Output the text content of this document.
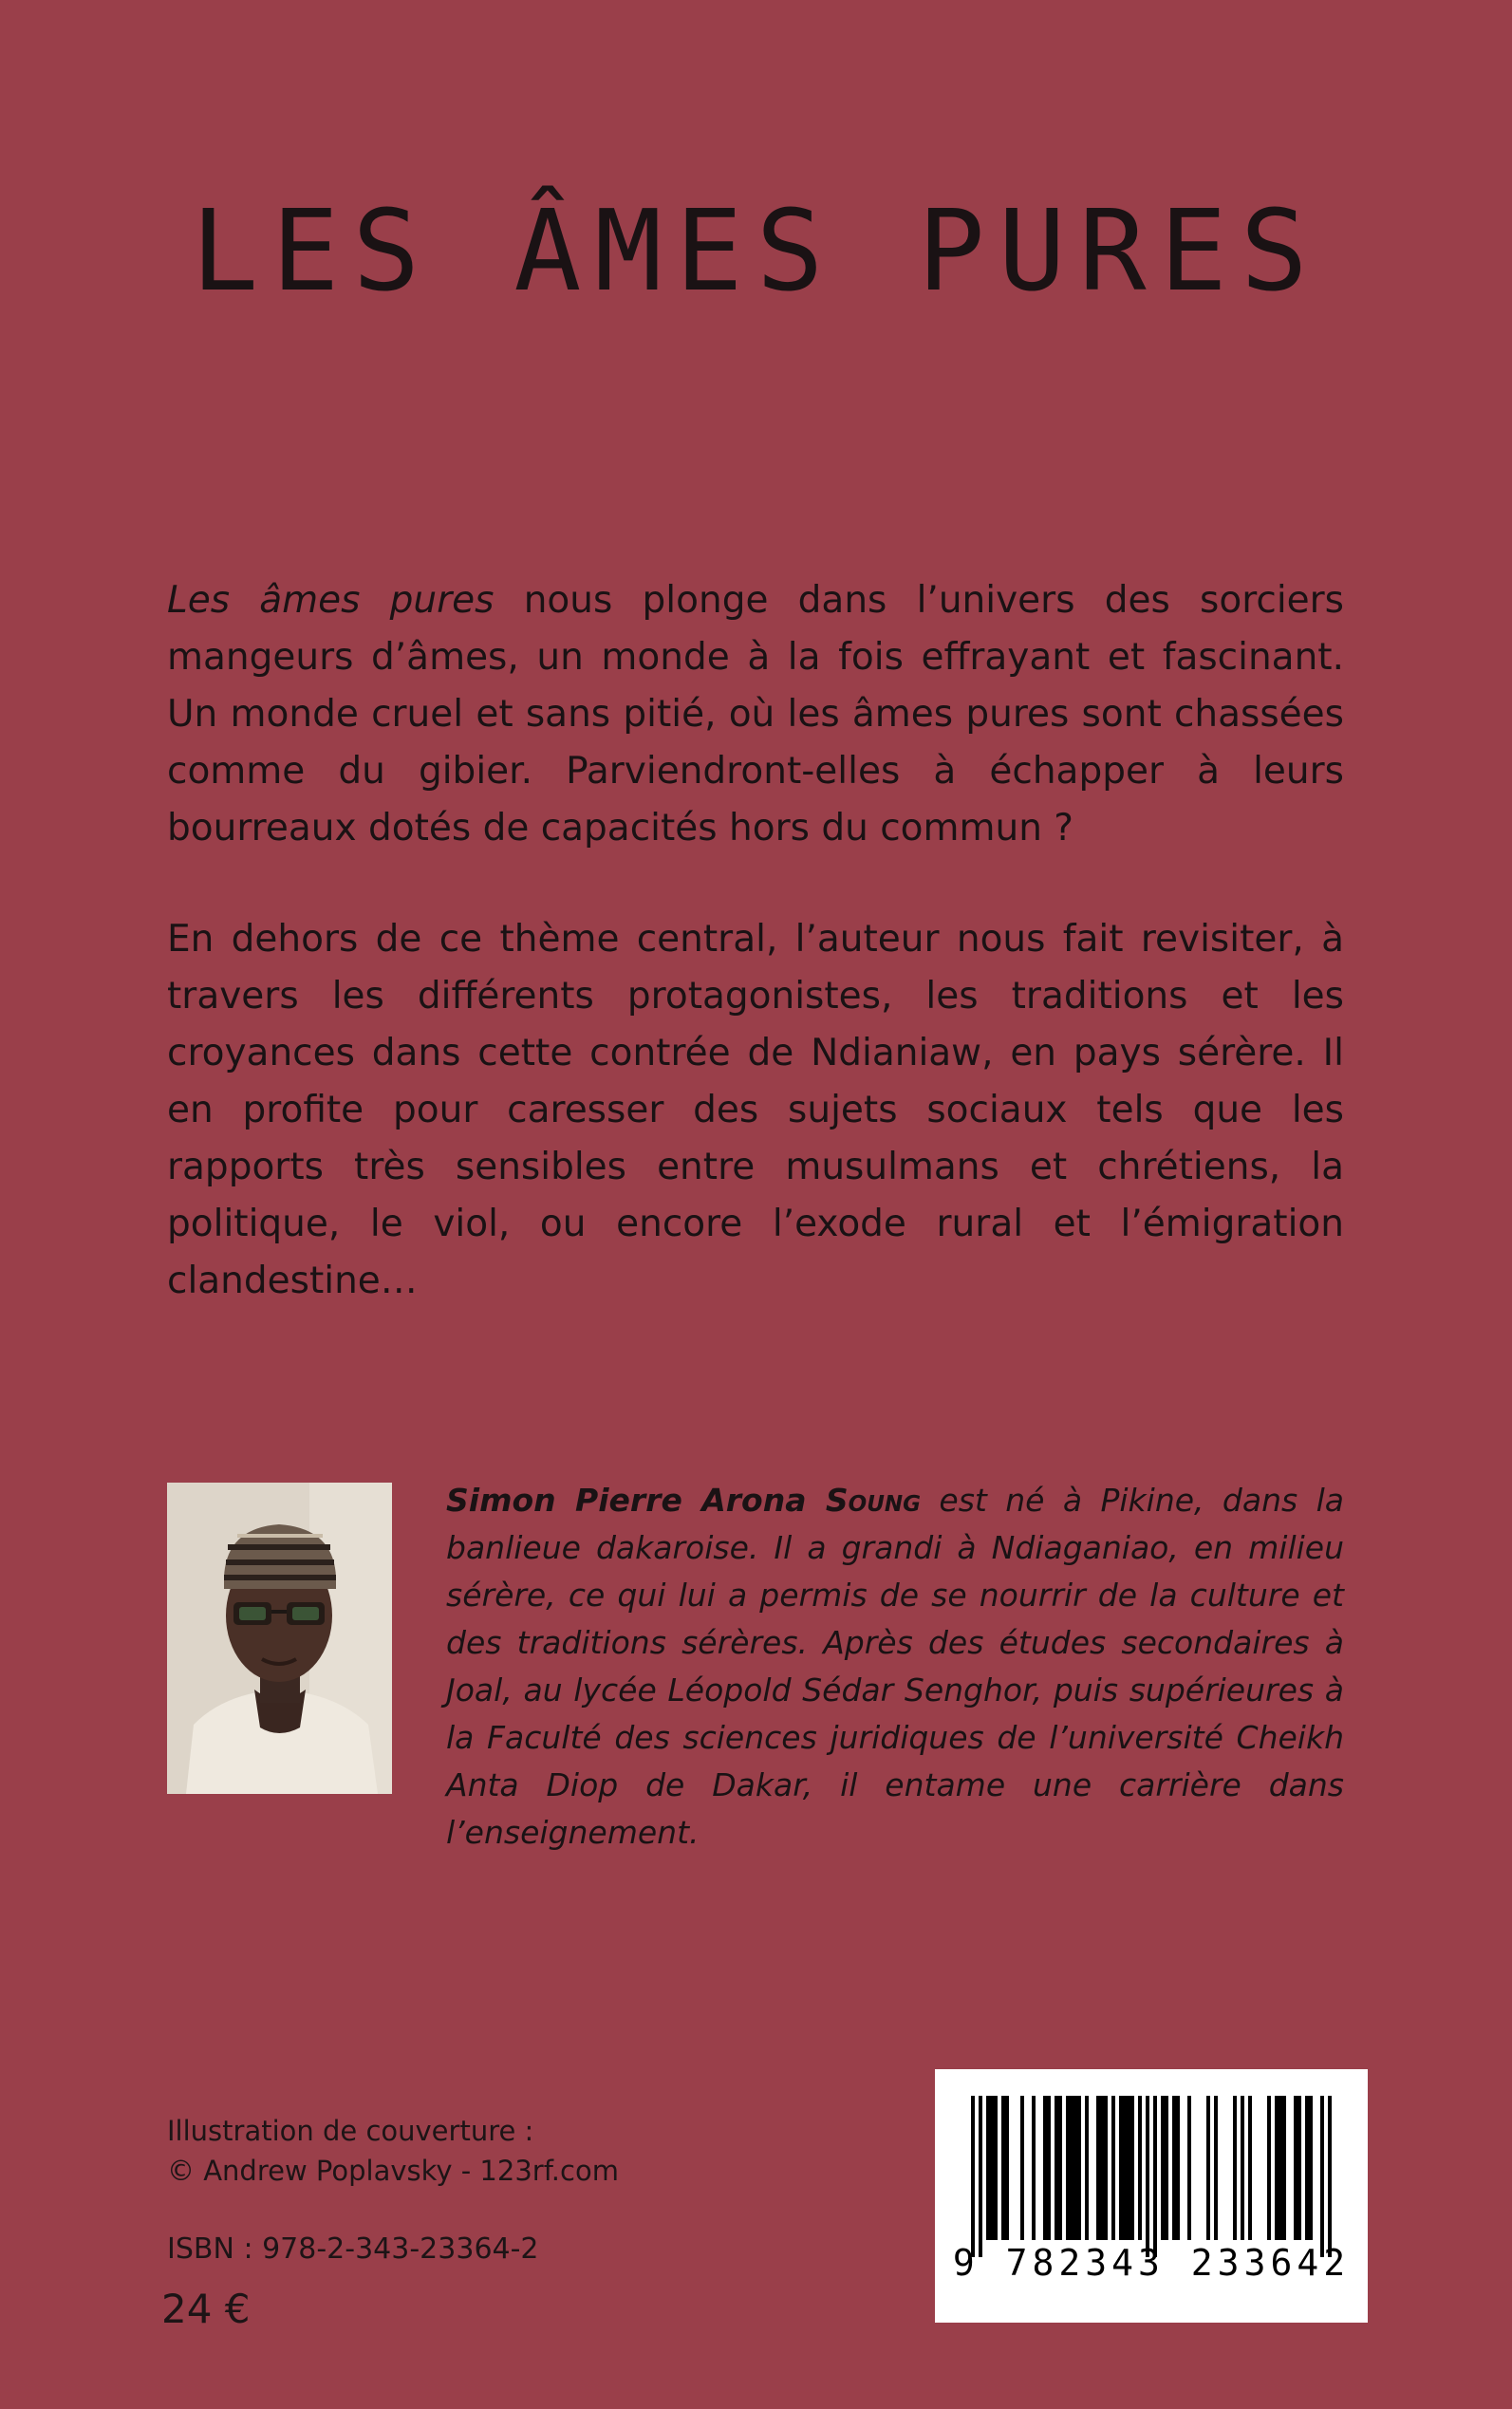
LES ÂMES PURES
Les âmes pures nous plonge dans l’univers des sorciers mangeurs d’âmes, un monde à la fois effrayant et fascinant. Un monde cruel et sans pitié, où les âmes pures sont chassées comme du gibier. Parviendront-elles à échapper à leurs bourreaux dotés de capacités hors du commun ?
En dehors de ce thème central, l’auteur nous fait revisiter, à travers les différents protagonistes, les traditions et les croyances dans cette contrée de Ndianiaw, en pays sérère. Il en profite pour caresser des sujets sociaux tels que les rapports très sensibles entre musulmans et chrétiens, la politique, le viol, ou encore l’exode rural et l’émigration clandestine…
Simon Pierre Arona Soung est né à Pikine, dans la banlieue dakaroise. Il a grandi à Ndiaganiao, en milieu sérère, ce qui lui a permis de se nourrir de la culture et des traditions sérères. Après des études secondaires à Joal, au lycée Léopold Sédar Senghor, puis supérieures à la Faculté des sciences juridiques de l’université Cheikh Anta Diop de Dakar, il entame une carrière dans l’enseignement.
Illustration de couverture :
© Andrew Poplavsky - 123rf.com
ISBN : 978-2-343-23364-2
24 €
9 782343 233642
